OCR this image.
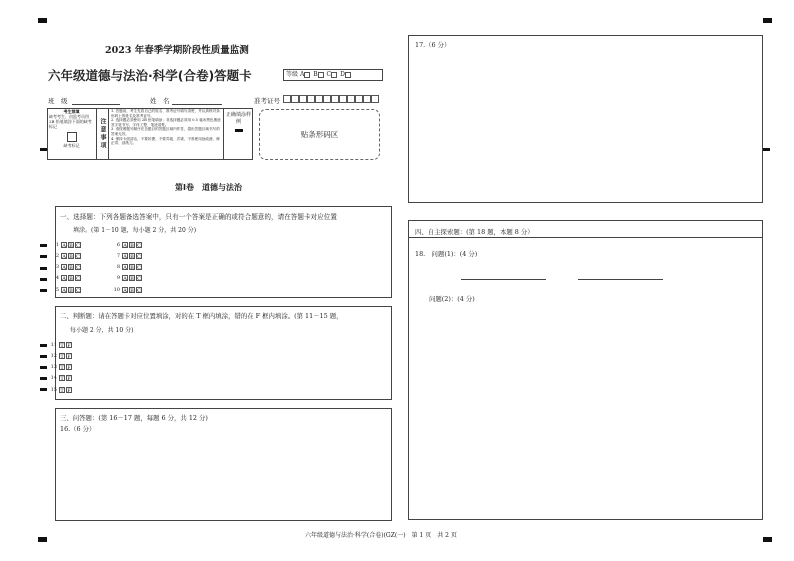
2023 年春季学期阶段性质量监测
六年级道德与法治·科学(合卷)答题卡	等级 A B C D
班　级	姓　名	准考证号
考生禁填
缺考考生，由监考员用 2B 铅笔填涂下面的缺考标记
缺考标记	注意事项
1. 答题前，考生先将自己的姓名、准考证号填写清楚，并认真核对条形码上的姓名及准考证号。
2. 选择题必须使用 2B 铅笔填涂；非选择题必须用 0.5 毫米黑色墨迹签字笔书写，字体工整、笔迹清楚。
3. 请按照题号顺序在各题目的答题区域内作答，超出答题区域书写的答案无效。
4. 保持卡面清洁，不要折叠、不要弄破、弄皱，不准使用涂改液、修正带、刮纸刀。
正确填涂样例
贴条形码区
第Ⅰ卷　道德与法治
一、选择题：下列各题备选答案中，只有一个答案是正确的或符合题意的，请在答题卡对应位置
填涂。(第 1－10 题，每小题 2 分，共 20 分)
1 A B C
2 A B C
3 A B C
4 A B C
5 A B C
6 A B C
7 A B C
8 A B C
9 A B C
10 A B C
二、判断题：请在答题卡对应位置填涂，对的在 T 框内填涂，错的在 F 框内填涂。(第 11－15 题，
每小题 2 分，共 10 分)
11 T F
12 T F
13 T F
14 T F
15 T F
三、问答题：(第 16－17 题，每题 6 分，共 12 分)
16.（6 分）
17.（6 分）
四、自主探索题：(第 18 题，本题 8 分）
18.　问题(1)：(4 分)
问题(2)：(4 分)
六年级道德与法治·科学(合卷)(GZ(一)　第 1 页　共 2 页
